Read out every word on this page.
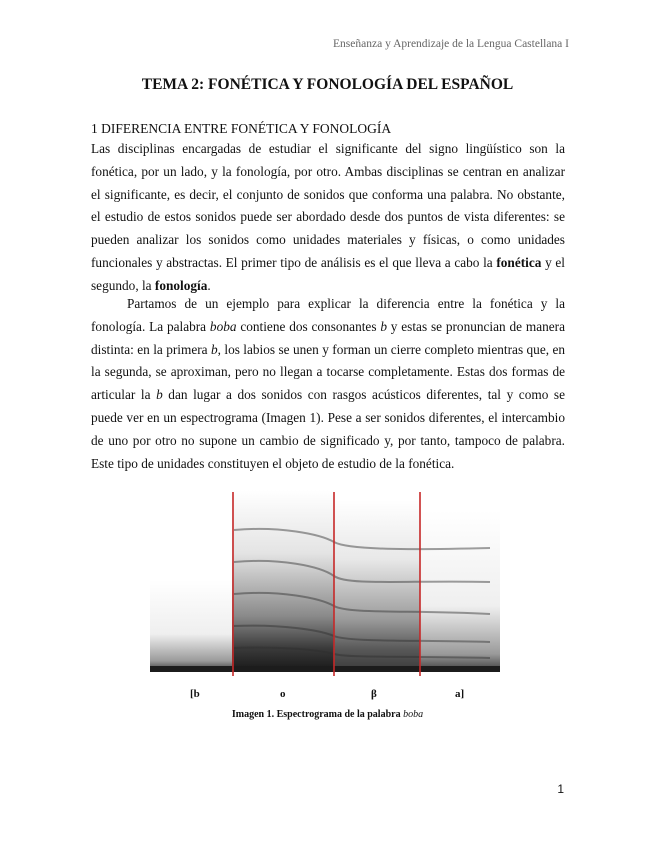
Enseñanza y Aprendizaje de la Lengua Castellana I
TEMA 2: FONÉTICA Y FONOLOGÍA DEL ESPAÑOL
1 DIFERENCIA ENTRE FONÉTICA Y FONOLOGÍA
Las disciplinas encargadas de estudiar el significante del signo lingüístico son la fonética, por un lado, y la fonología, por otro. Ambas disciplinas se centran en analizar el significante, es decir, el conjunto de sonidos que conforma una palabra. No obstante, el estudio de estos sonidos puede ser abordado desde dos puntos de vista diferentes: se pueden analizar los sonidos como unidades materiales y físicas, o como unidades funcionales y abstractas. El primer tipo de análisis es el que lleva a cabo la fonética y el segundo, la fonología.
Partamos de un ejemplo para explicar la diferencia entre la fonética y la fonología. La palabra boba contiene dos consonantes b y estas se pronuncian de manera distinta: en la primera b, los labios se unen y forman un cierre completo mientras que, en la segunda, se aproximan, pero no llegan a tocarse completamente. Estas dos formas de articular la b dan lugar a dos sonidos con rasgos acústicos diferentes, tal y como se puede ver en un espectrograma (Imagen 1). Pese a ser sonidos diferentes, el intercambio de uno por otro no supone un cambio de significado y, por tanto, tampoco de palabra. Este tipo de unidades constituyen el objeto de estudio de la fonética.
[b	o	β	a]
Imagen 1. Espectrograma de la palabra boba
1
